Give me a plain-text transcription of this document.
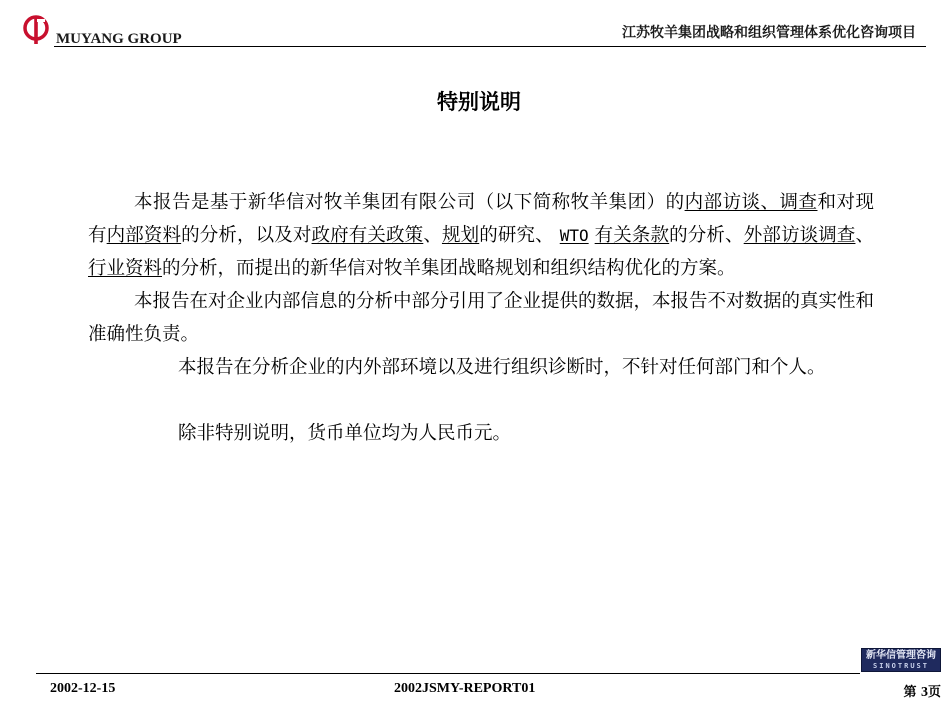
MUYANG GROUP	江苏牧羊集团战略和组织管理体系优化咨询项目
特别说明

本报告是基于新华信对牧羊集团有限公司（以下简称牧羊集团）的内部访谈、调查和对现有内部资料的分析，以及对政府有关政策、规划的研究、 WTO 有关条款的分析、外部访谈调查、行业资料的分析，而提出的新华信对牧羊集团战略规划和组织结构优化的方案。

本报告在对企业内部信息的分析中部分引用了企业提供的数据，本报告不对数据的真实性和准确性负责。

本报告在分析企业的内外部环境以及进行组织诊断时，不针对任何部门和个人。

除非特别说明，货币单位均为人民币元。

新华信管理咨询
SINOTRUST
2002-12-15	2002JSMY-REPORT01	第 3页
